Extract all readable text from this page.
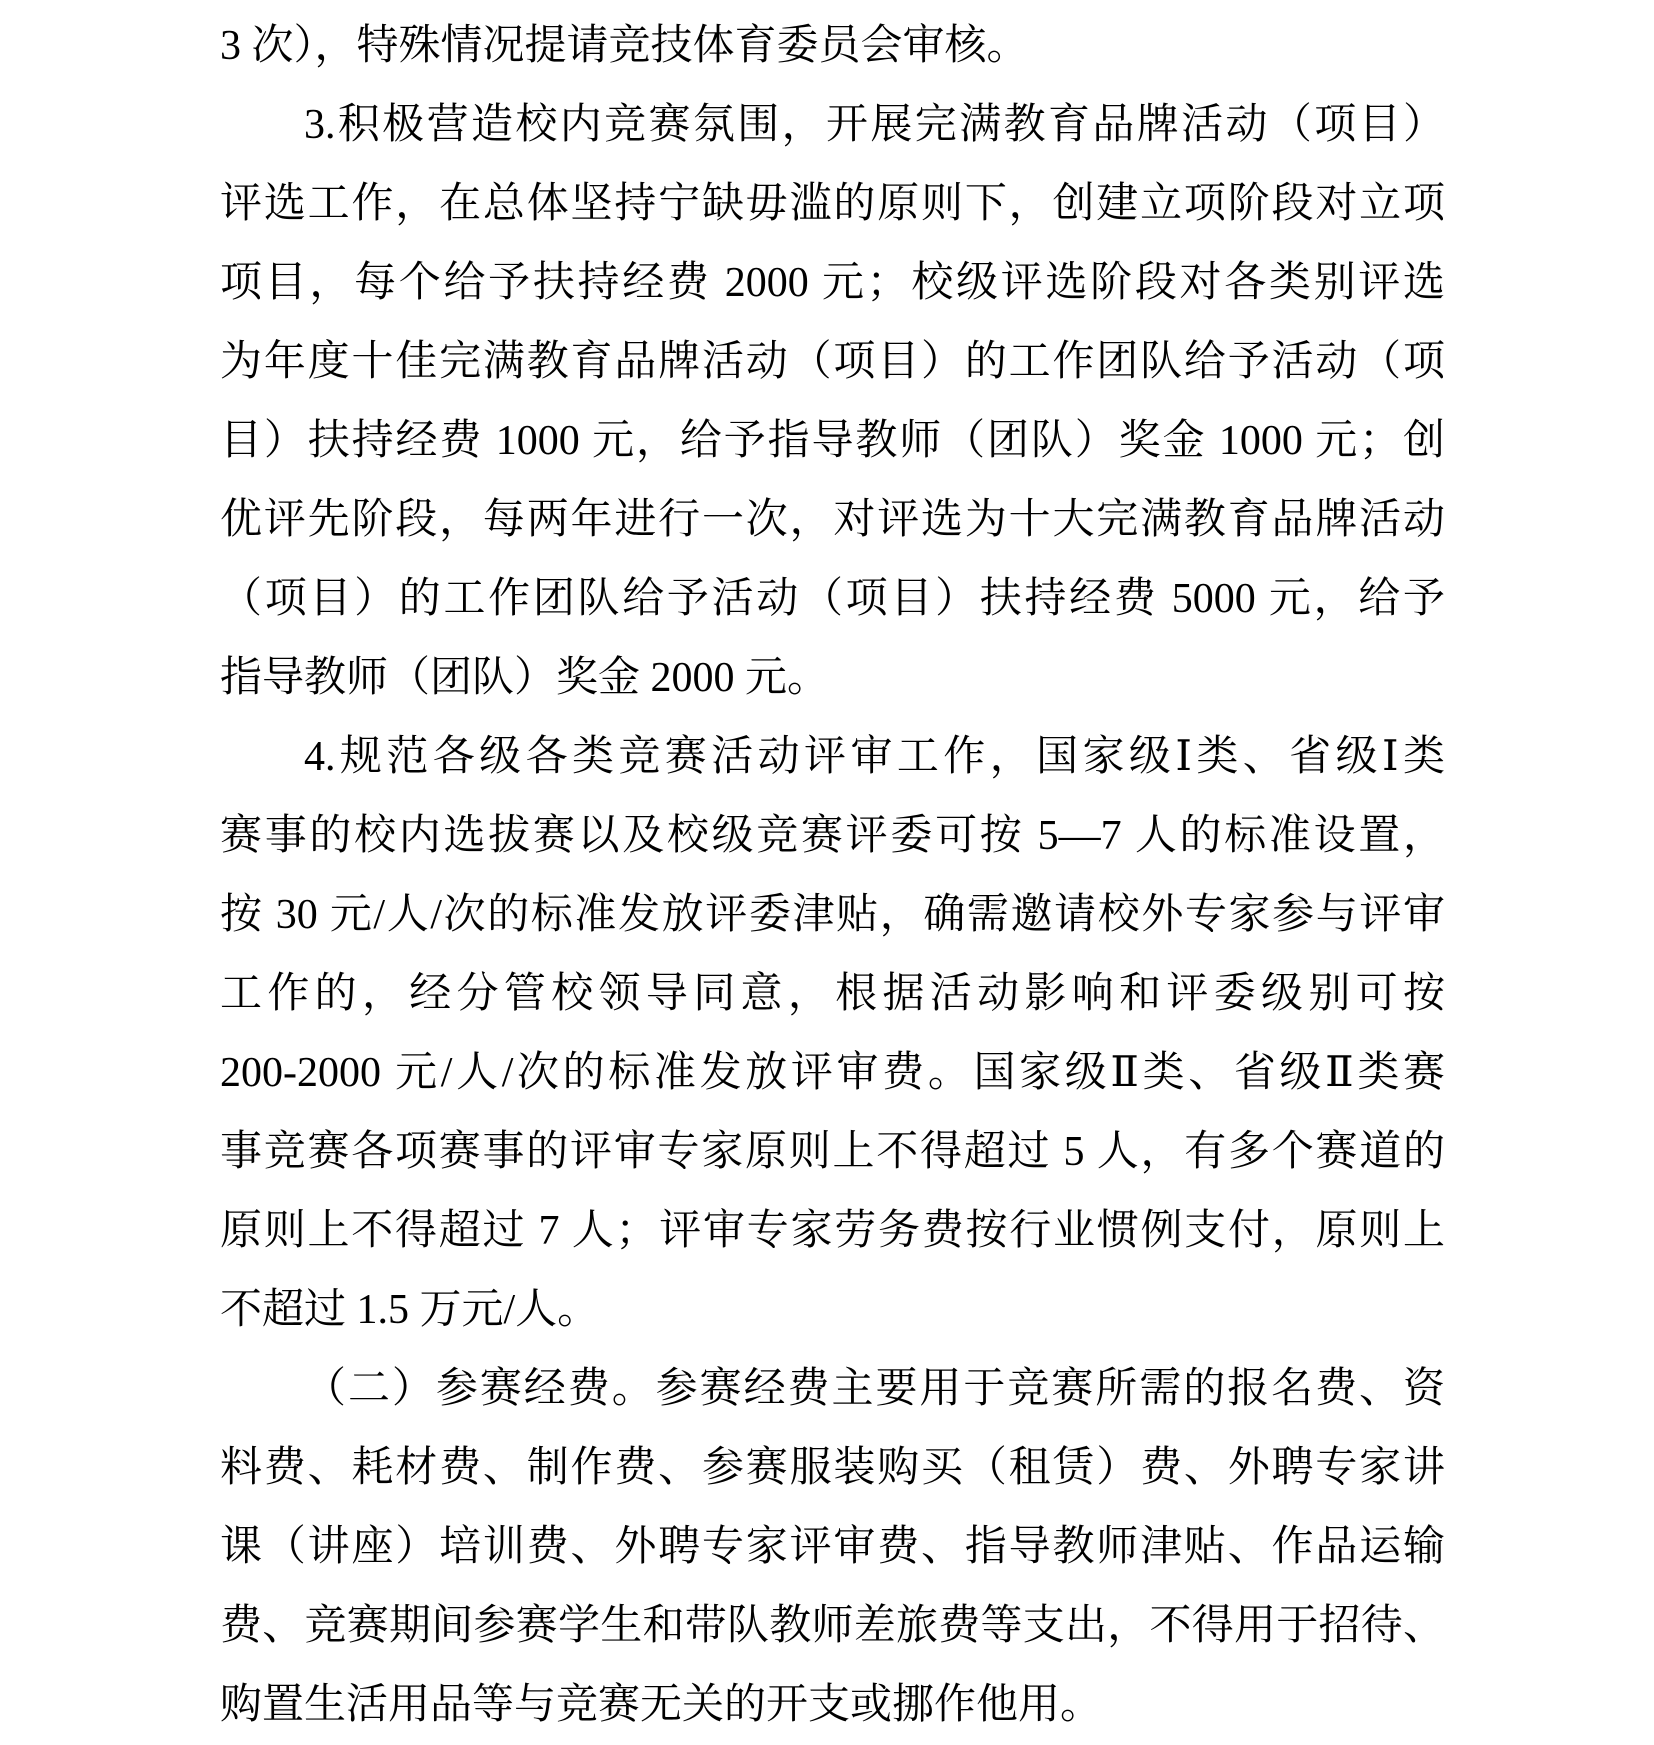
3 次），特殊情况提请竞技体育委员会审核。
3.积极营造校内竞赛氛围，开展完满教育品牌活动（项目）
评选工作，在总体坚持宁缺毋滥的原则下，创建立项阶段对立项
项目，每个给予扶持经费 2000 元；校级评选阶段对各类别评选
为年度十佳完满教育品牌活动（项目）的工作团队给予活动（项
目）扶持经费 1000 元，给予指导教师（团队）奖金 1000 元；创
优评先阶段，每两年进行一次，对评选为十大完满教育品牌活动
（项目）的工作团队给予活动（项目）扶持经费 5000 元，给予
指导教师（团队）奖金 2000 元。
4.规范各级各类竞赛活动评审工作，国家级Ⅰ类、省级Ⅰ类
赛事的校内选拔赛以及校级竞赛评委可按 5—7 人的标准设置，
按 30 元/人/次的标准发放评委津贴，确需邀请校外专家参与评审
工作的，经分管校领导同意，根据活动影响和评委级别可按
200-2000 元/人/次的标准发放评审费。国家级Ⅱ类、省级Ⅱ类赛
事竞赛各项赛事的评审专家原则上不得超过 5 人，有多个赛道的
原则上不得超过 7 人；评审专家劳务费按行业惯例支付，原则上
不超过 1.5 万元/人。
（二）参赛经费。参赛经费主要用于竞赛所需的报名费、资
料费、耗材费、制作费、参赛服装购买（租赁）费、外聘专家讲
课（讲座）培训费、外聘专家评审费、指导教师津贴、作品运输
费、竞赛期间参赛学生和带队教师差旅费等支出，不得用于招待、
购置生活用品等与竞赛无关的开支或挪作他用。
